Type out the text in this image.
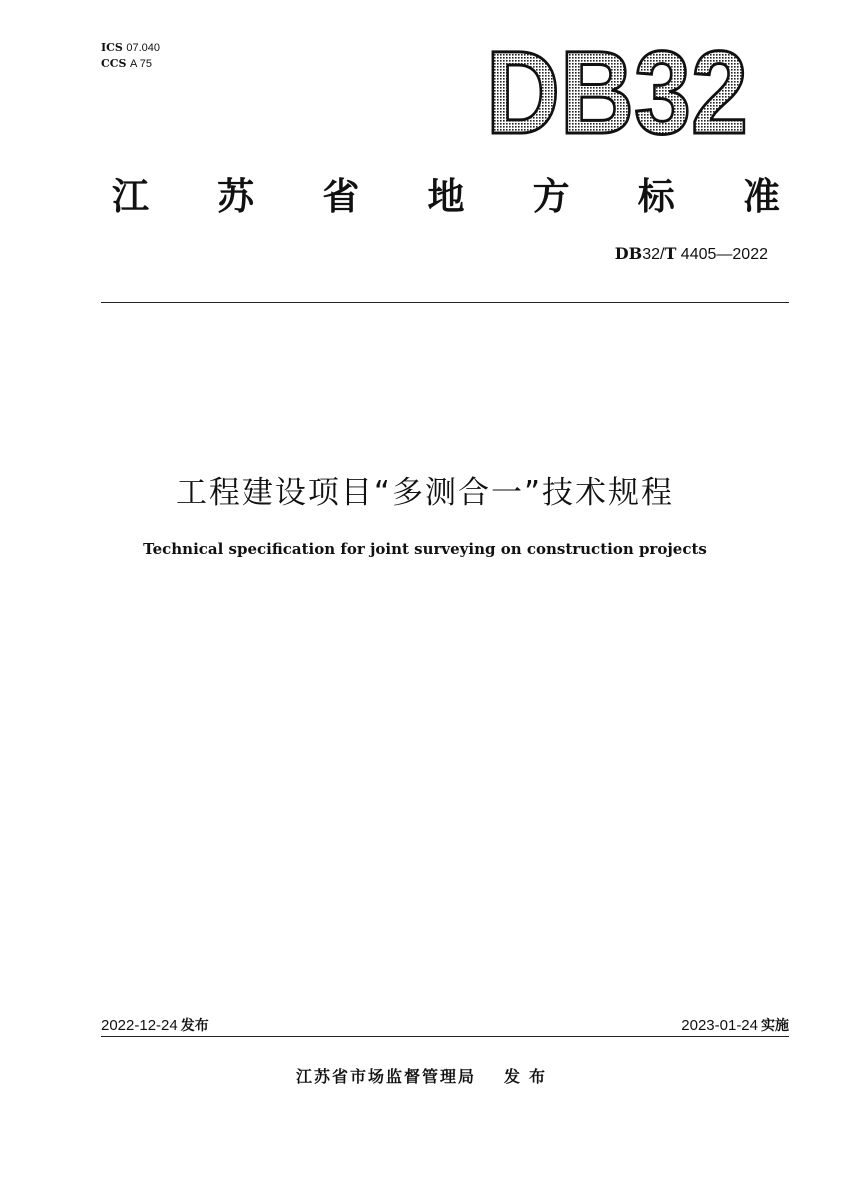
ICS 07.040
CCS A 75	DB32
江 苏 省 地 方 标 准
DB32/T 4405—2022
工程建设项目“多测合一”技术规程
Technical specification for joint surveying on construction projects
2022-12-24 发布	2023-01-24 实施
江苏省市场监督管理局 发布
